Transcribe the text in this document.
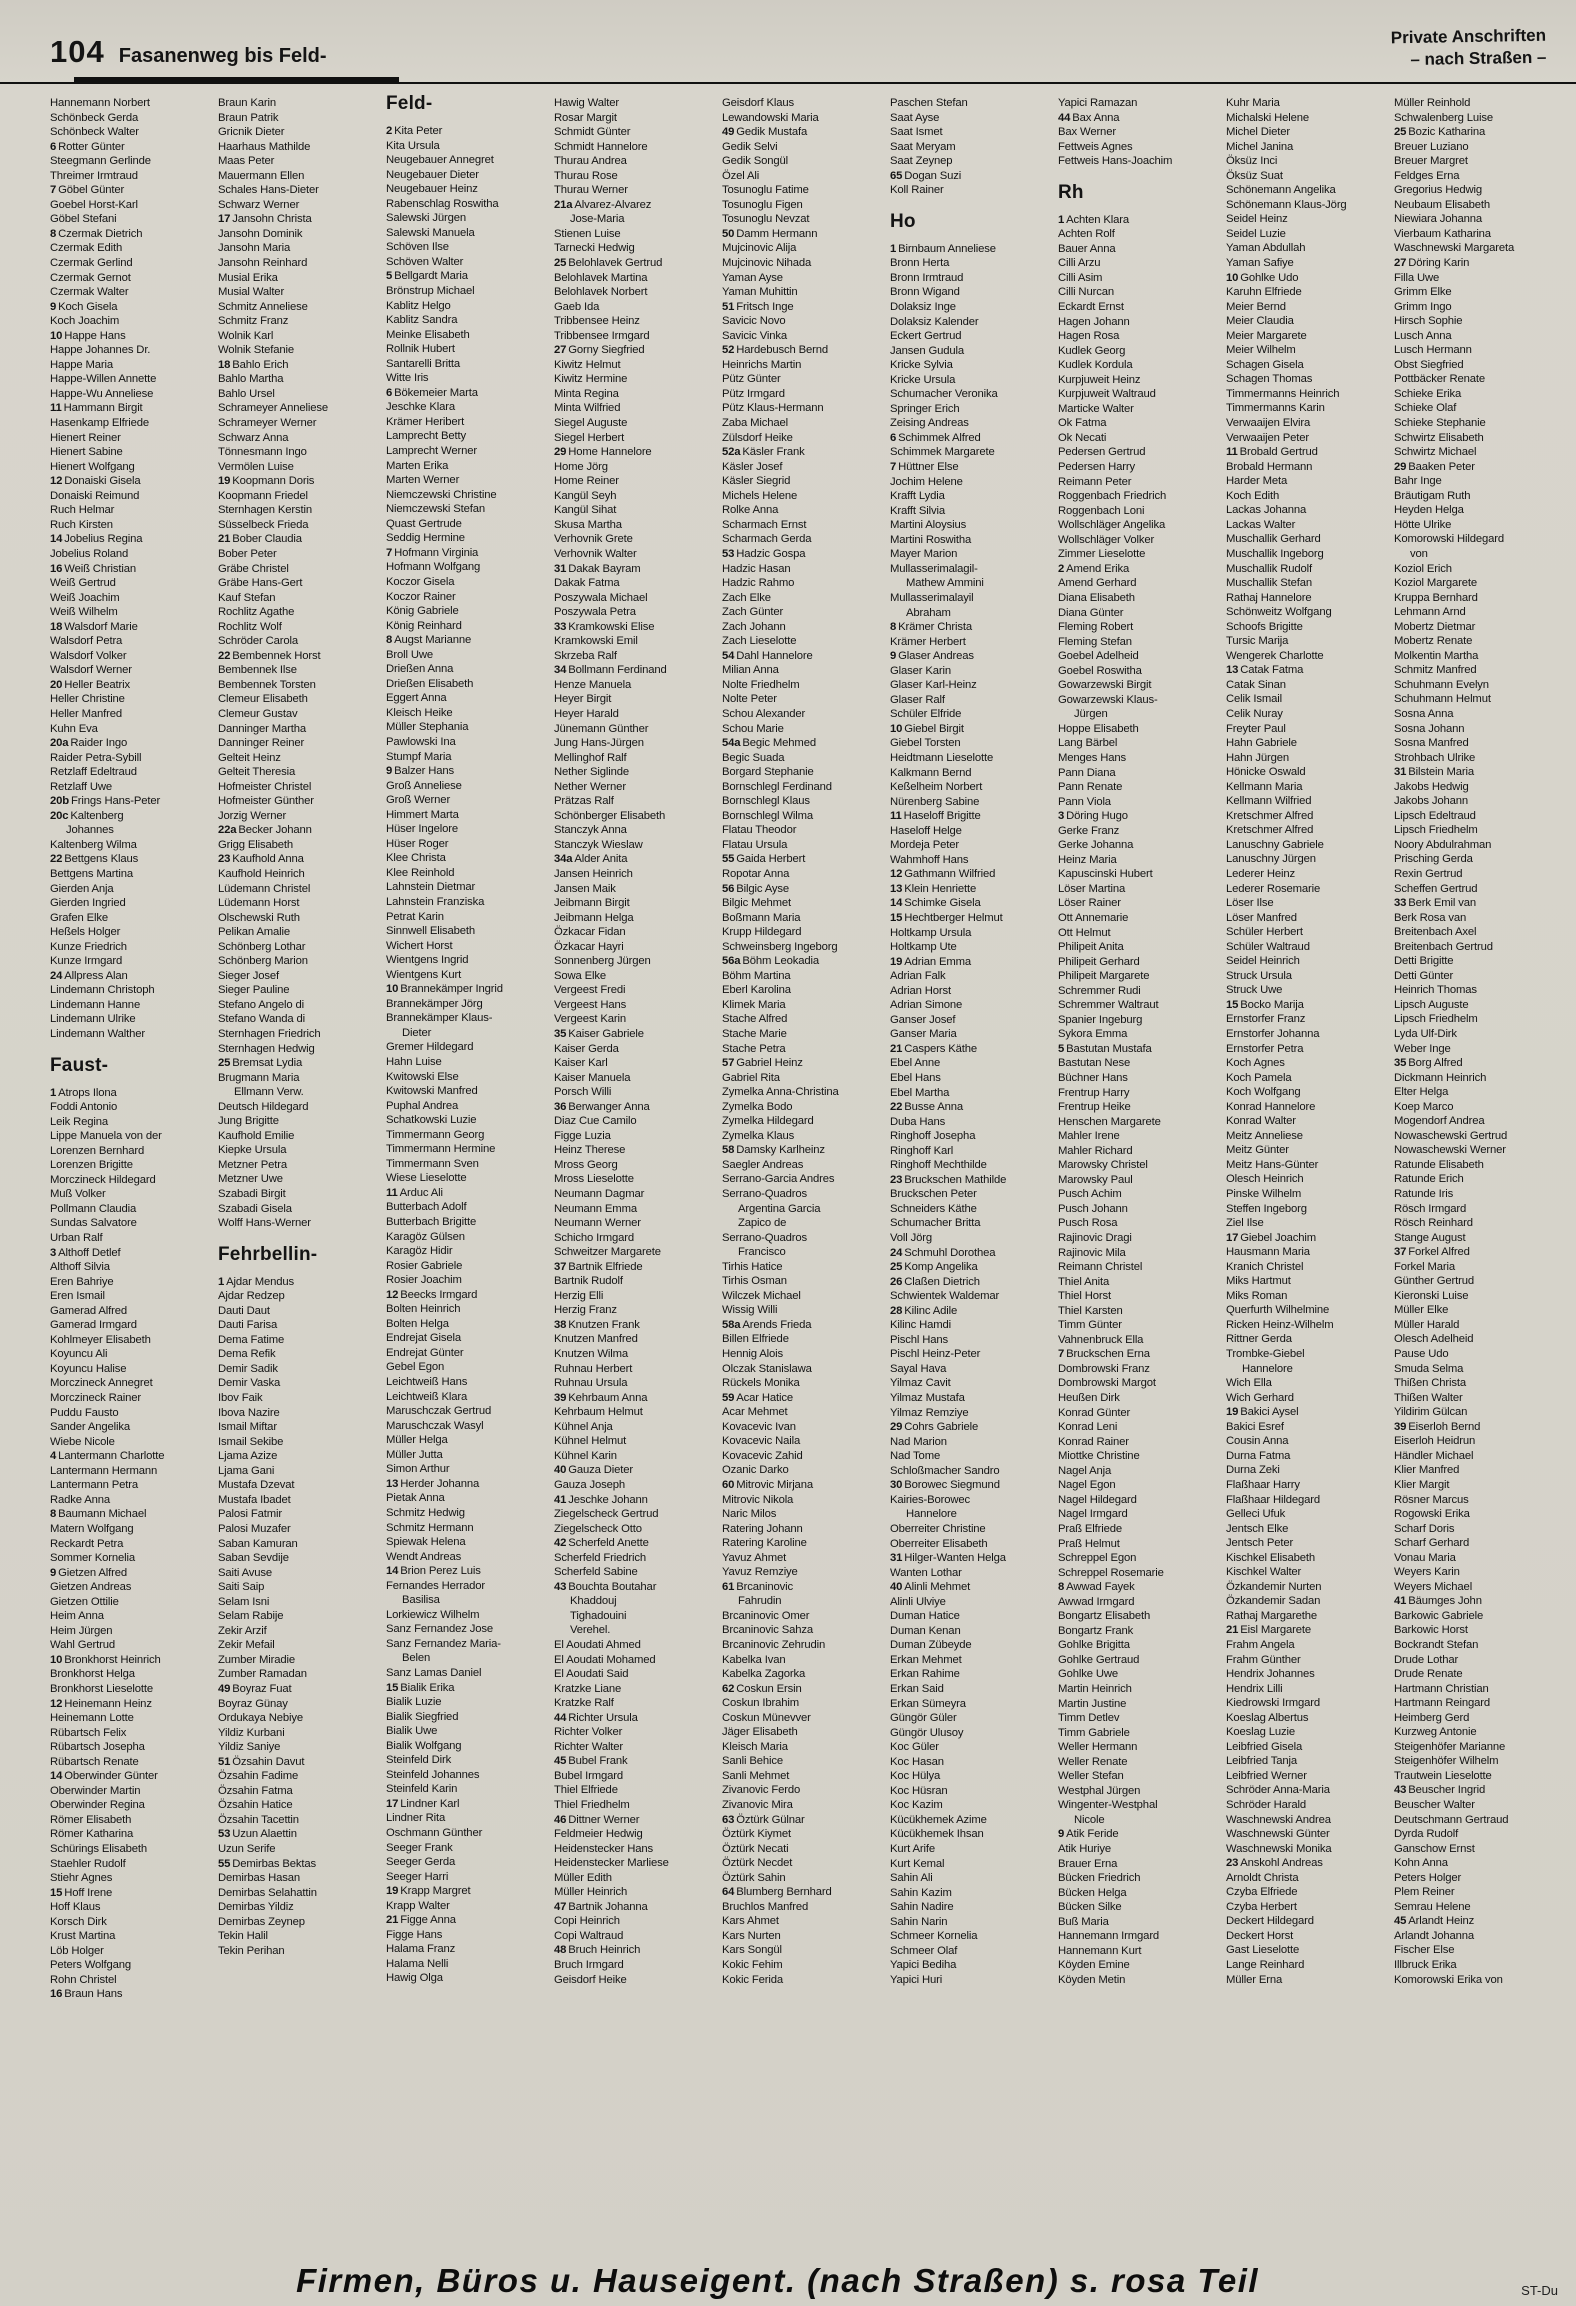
104 Fasanenweg bis Feld-
Private Anschriften
– nach Straßen –
Hannemann Norbert
Schönbeck Gerda
Schönbeck Walter
6 Rotter Günter
Steegmann Gerlinde
Threimer Irmtraud
7 Göbel Günter
Goebel Horst-Karl
Göbel Stefani
8 Czermak Dietrich
Czermak Edith
Czermak Gerlind
Czermak Gernot
Czermak Walter
9 Koch Gisela
Koch Joachim
10 Happe Hans
Happe Johannes Dr.
Happe Maria
Happe-Willen Annette
Happe-Wu Anneliese
11 Hammann Birgit
Hasenkamp Elfriede
Hienert Reiner
Hienert Sabine
Hienert Wolfgang
12 Donaiski Gisela
Donaiski Reimund
Ruch Helmar
Ruch Kirsten
14 Jobelius Regina
Jobelius Roland
16 Weiß Christian
Weiß Gertrud
Weiß Joachim
Weiß Wilhelm
18 Walsdorf Marie
Walsdorf Petra
Walsdorf Volker
Walsdorf Werner
20 Heller Beatrix
Heller Christine
Heller Manfred
Kuhn Eva
20a Raider Ingo
Raider Petra-Sybill
Retzlaff Edeltraud
Retzlaff Uwe
20b Frings Hans-Peter
20c Kaltenberg
Johannes
Kaltenberg Wilma
22 Bettgens Klaus
Bettgens Martina
Gierden Anja
Gierden Ingried
Grafen Elke
Heßels Holger
Kunze Friedrich
Kunze Irmgard
24 Allpress Alan
Lindemann Christoph
Lindemann Hanne
Lindemann Ulrike
Lindemann Walther
Faust-
1 Atrops Ilona
Foddi Antonio
Leik Regina
Lippe Manuela von der
Lorenzen Bernhard
Lorenzen Brigitte
Morczineck Hildegard
Muß Volker
Pollmann Claudia
Sundas Salvatore
Urban Ralf
3 Althoff Detlef
Althoff Silvia
Eren Bahriye
Eren Ismail
Gamerad Alfred
Gamerad Irmgard
Kohlmeyer Elisabeth
Koyuncu Ali
Koyuncu Halise
Morczineck Annegret
Morczineck Rainer
Puddu Fausto
Sander Angelika
Wiebe Nicole
4 Lantermann Charlotte
Lantermann Hermann
Lantermann Petra
Radke Anna
8 Baumann Michael
Matern Wolfgang
Reckardt Petra
Sommer Kornelia
9 Gietzen Alfred
Gietzen Andreas
Gietzen Ottilie
Heim Anna
Heim Jürgen
Wahl Gertrud
10 Bronkhorst Heinrich
Bronkhorst Helga
Bronkhorst Lieselotte
12 Heinemann Heinz
Heinemann Lotte
Rübartsch Felix
Rübartsch Josepha
Rübartsch Renate
14 Oberwinder Günter
Oberwinder Martin
Oberwinder Regina
Römer Elisabeth
Römer Katharina
Schürings Elisabeth
Staehler Rudolf
Stiehr Agnes
15 Hoff Irene
Hoff Klaus
Korsch Dirk
Krust Martina
Löb Holger
Peters Wolfgang
Rohn Christel
16 Braun Hans
Braun Karin
Braun Patrik
Gricnik Dieter
Haarhaus Mathilde
Maas Peter
Mauermann Ellen
Schales Hans-Dieter
Schwarz Werner
17 Jansohn Christa
Jansohn Dominik
Jansohn Maria
Jansohn Reinhard
Musial Erika
Musial Walter
Schmitz Anneliese
Schmitz Franz
Wolnik Karl
Wolnik Stefanie
18 Bahlo Erich
Bahlo Martha
Bahlo Ursel
Schrameyer Anneliese
Schrameyer Werner
Schwarz Anna
Tönnesmann Ingo
Vermölen Luise
19 Koopmann Doris
Koopmann Friedel
Sternhagen Kerstin
Süsselbeck Frieda
21 Bober Claudia
Bober Peter
Gräbe Christel
Gräbe Hans-Gert
Kauf Stefan
Rochlitz Agathe
Rochlitz Wolf
Schröder Carola
22 Bembennek Horst
Bembennek Ilse
Bembennek Torsten
Clemeur Elisabeth
Clemeur Gustav
Danninger Martha
Danninger Reiner
Gelteit Heinz
Gelteit Theresia
Hofmeister Christel
Hofmeister Günther
Jorzig Werner
22a Becker Johann
Grigg Elisabeth
23 Kaufhold Anna
Kaufhold Heinrich
Lüdemann Christel
Lüdemann Horst
Olschewski Ruth
Pelikan Amalie
Schönberg Lothar
Schönberg Marion
Sieger Josef
Sieger Pauline
Stefano Angelo di
Stefano Wanda di
Sternhagen Friedrich
Sternhagen Hedwig
25 Bremsat Lydia
Brugmann Maria
Ellmann Verw.
Deutsch Hildegard
Jung Brigitte
Kaufhold Emilie
Kiepke Ursula
Metzner Petra
Metzner Uwe
Szabadi Birgit
Szabadi Gisela
Wolff Hans-Werner
Fehrbellin-
1 Ajdar Mendus
Ajdar Redzep
Dauti Daut
Dauti Farisa
Dema Fatime
Dema Refik
Demir Sadik
Demir Vaska
Ibov Faik
Ibova Nazire
Ismail Miftar
Ismail Sekibe
Ljama Azize
Ljama Gani
Mustafa Dzevat
Mustafa Ibadet
Palosi Fatmir
Palosi Muzafer
Saban Kamuran
Saban Sevdije
Saiti Avuse
Saiti Saip
Selam Isni
Selam Rabije
Zekir Arzif
Zekir Mefail
Zumber Miradie
Zumber Ramadan
49 Boyraz Fuat
Boyraz Günay
Ordukaya Nebiye
Yildiz Kurbani
Yildiz Saniye
51 Özsahin Davut
Özsahin Fadime
Özsahin Fatma
Özsahin Hatice
Özsahin Tacettin
53 Uzun Alaettin
Uzun Serife
55 Demirbas Bektas
Demirbas Hasan
Demirbas Selahattin
Demirbas Yildiz
Demirbas Zeynep
Tekin Halil
Tekin Perihan
Feld-
2 Kita Peter
Kita Ursula
Neugebauer Annegret
Neugebauer Dieter
Neugebauer Heinz
Rabenschlag Roswitha
Salewski Jürgen
Salewski Manuela
Schöven Ilse
Schöven Walter
5 Bellgardt Maria
Brönstrup Michael
Kablitz Helgo
Kablitz Sandra
Meinke Elisabeth
Rollnik Hubert
Santarelli Britta
Witte Iris
6 Bökemeier Marta
Jeschke Klara
Krämer Heribert
Lamprecht Betty
Lamprecht Werner
Marten Erika
Marten Werner
Niemczewski Christine
Niemczewski Stefan
Quast Gertrude
Seddig Hermine
7 Hofmann Virginia
Hofmann Wolfgang
Koczor Gisela
Koczor Rainer
König Gabriele
König Reinhard
8 Augst Marianne
Broll Uwe
Drießen Anna
Drießen Elisabeth
Eggert Anna
Kleisch Heike
Müller Stephania
Pawlowski Ina
Stumpf Maria
9 Balzer Hans
Groß Anneliese
Groß Werner
Himmert Marta
Hüser Ingelore
Hüser Roger
Klee Christa
Klee Reinhold
Lahnstein Dietmar
Lahnstein Franziska
Petrat Karin
Sinnwell Elisabeth
Wichert Horst
Wientgens Ingrid
Wientgens Kurt
10 Brannekämper Ingrid
Brannekämper Jörg
Brannekämper Klaus-
Dieter
Gremer Hildegard
Hahn Luise
Kwitowski Else
Kwitowski Manfred
Puphal Andrea
Schatkowski Luzie
Timmermann Georg
Timmermann Hermine
Timmermann Sven
Wiese Lieselotte
11 Arduc Ali
Butterbach Adolf
Butterbach Brigitte
Karagöz Gülsen
Karagöz Hidir
Rosier Gabriele
Rosier Joachim
12 Beecks Irmgard
Bolten Heinrich
Bolten Helga
Endrejat Gisela
Endrejat Günter
Gebel Egon
Leichtweiß Hans
Leichtweiß Klara
Maruschczak Gertrud
Maruschczak Wasyl
Müller Helga
Müller Jutta
Simon Arthur
13 Herder Johanna
Pietak Anna
Schmitz Hedwig
Schmitz Hermann
Spiewak Helena
Wendt Andreas
14 Brion Perez Luis
Fernandes Herrador
Basilisa
Lorkiewicz Wilhelm
Sanz Fernandez Jose
Sanz Fernandez Maria-
Belen
Sanz Lamas Daniel
15 Bialik Erika
Bialik Luzie
Bialik Siegfried
Bialik Uwe
Bialik Wolfgang
Steinfeld Dirk
Steinfeld Johannes
Steinfeld Karin
17 Lindner Karl
Lindner Rita
Oschmann Günther
Seeger Frank
Seeger Gerda
Seeger Harri
19 Krapp Margret
Krapp Walter
21 Figge Anna
Figge Hans
Halama Franz
Halama Nelli
Hawig Olga
Hawig Walter
Rosar Margit
Schmidt Günter
Schmidt Hannelore
Thurau Andrea
Thurau Rose
Thurau Werner
21a Alvarez-Alvarez
Jose-Maria
Stienen Luise
Tarnecki Hedwig
25 Belohlavek Gertrud
Belohlavek Martina
Belohlavek Norbert
Gaeb Ida
Tribbensee Heinz
Tribbensee Irmgard
27 Gorny Siegfried
Kiwitz Helmut
Kiwitz Hermine
Minta Regina
Minta Wilfried
Siegel Auguste
Siegel Herbert
29 Home Hannelore
Home Jörg
Home Reiner
Kangül Seyh
Kangül Sihat
Skusa Martha
Verhovnik Grete
Verhovnik Walter
31 Dakak Bayram
Dakak Fatma
Poszywala Michael
Poszywala Petra
33 Kramkowski Elise
Kramkowski Emil
Skrzeba Ralf
34 Bollmann Ferdinand
Henze Manuela
Heyer Birgit
Heyer Harald
Jünemann Günther
Jung Hans-Jürgen
Mellinghof Ralf
Nether Siglinde
Nether Werner
Prätzas Ralf
Schönberger Elisabeth
Stanczyk Anna
Stanczyk Wieslaw
34a Alder Anita
Jansen Heinrich
Jansen Maik
Jeibmann Birgit
Jeibmann Helga
Özkacar Fidan
Özkacar Hayri
Sonnenberg Jürgen
Sowa Elke
Vergeest Fredi
Vergeest Hans
Vergeest Karin
35 Kaiser Gabriele
Kaiser Gerda
Kaiser Karl
Kaiser Manuela
Porsch Willi
36 Berwanger Anna
Diaz Cue Camilo
Figge Luzia
Heinz Therese
Mross Georg
Mross Lieselotte
Neumann Dagmar
Neumann Emma
Neumann Werner
Schicho Irmgard
Schweitzer Margarete
37 Bartnik Elfriede
Bartnik Rudolf
Herzig Elli
Herzig Franz
38 Knutzen Frank
Knutzen Manfred
Knutzen Wilma
Ruhnau Herbert
Ruhnau Ursula
39 Kehrbaum Anna
Kehrbaum Helmut
Kühnel Anja
Kühnel Helmut
Kühnel Karin
40 Gauza Dieter
Gauza Joseph
41 Jeschke Johann
Ziegelscheck Gertrud
Ziegelscheck Otto
42 Scherfeld Anette
Scherfeld Friedrich
Scherfeld Sabine
43 Bouchta Boutahar
Khaddouj
Tighadouini
Verehel.
El Aoudati Ahmed
El Aoudati Mohamed
El Aoudati Said
Kratzke Liane
Kratzke Ralf
44 Richter Ursula
Richter Volker
Richter Walter
45 Bubel Frank
Bubel Irmgard
Thiel Elfriede
Thiel Friedhelm
46 Dittner Werner
Feldmeier Hedwig
Heidenstecker Hans
Heidenstecker Marliese
Müller Edith
Müller Heinrich
47 Bartnik Johanna
Copi Heinrich
Copi Waltraud
48 Bruch Heinrich
Bruch Irmgard
Geisdorf Heike
Geisdorf Klaus
Lewandowski Maria
49 Gedik Mustafa
Gedik Selvi
Gedik Songül
Özel Ali
Tosunoglu Fatime
Tosunoglu Figen
Tosunoglu Nevzat
50 Damm Hermann
Mujcinovic Alija
Mujcinovic Nihada
Yaman Ayse
Yaman Muhittin
51 Fritsch Inge
Savicic Novo
Savicic Vinka
52 Hardebusch Bernd
Heinrichs Martin
Pütz Günter
Pütz Irmgard
Pütz Klaus-Hermann
Zaba Michael
Zülsdorf Heike
52a Käsler Frank
Käsler Josef
Käsler Siegrid
Michels Helene
Rolke Anna
Scharmach Ernst
Scharmach Gerda
53 Hadzic Gospa
Hadzic Hasan
Hadzic Rahmo
Zach Elke
Zach Günter
Zach Johann
Zach Lieselotte
54 Dahl Hannelore
Milian Anna
Nolte Friedhelm
Nolte Peter
Schou Alexander
Schou Marie
54a Begic Mehmed
Begic Suada
Borgard Stephanie
Bornschlegl Ferdinand
Bornschlegl Klaus
Bornschlegl Wilma
Flatau Theodor
Flatau Ursula
55 Gaida Herbert
Ropotar Anna
56 Bilgic Ayse
Bilgic Mehmet
Boßmann Maria
Krupp Hildegard
Schweinsberg Ingeborg
56a Böhm Leokadia
Böhm Martina
Eberl Karolina
Klimek Maria
Stache Alfred
Stache Marie
Stache Petra
57 Gabriel Heinz
Gabriel Rita
Zymelka Anna-Christina
Zymelka Bodo
Zymelka Hildegard
Zymelka Klaus
58 Damsky Karlheinz
Saegler Andreas
Serrano-Garcia Andres
Serrano-Quadros
Argentina Garcia
Zapico de
Serrano-Quadros
Francisco
Tirhis Hatice
Tirhis Osman
Wilczek Michael
Wissig Willi
58a Arends Frieda
Billen Elfriede
Hennig Alois
Olczak Stanislawa
Rückels Monika
59 Acar Hatice
Acar Mehmet
Kovacevic Ivan
Kovacevic Naila
Kovacevic Zahid
Ozanic Darko
60 Mitrovic Mirjana
Mitrovic Nikola
Naric Milos
Ratering Johann
Ratering Karoline
Yavuz Ahmet
Yavuz Remziye
61 Brcaninovic
Fahrudin
Brcaninovic Omer
Brcaninovic Sahza
Brcaninovic Zehrudin
Kabelka Ivan
Kabelka Zagorka
62 Coskun Ersin
Coskun Ibrahim
Coskun Münevver
Jäger Elisabeth
Kleisch Maria
Sanli Behice
Sanli Mehmet
Zivanovic Ferdo
Zivanovic Mira
63 Öztürk Gülnar
Öztürk Kiymet
Öztürk Necati
Öztürk Necdet
Öztürk Sahin
64 Blumberg Bernhard
Bruchlos Manfred
Kars Ahmet
Kars Nurten
Kars Songül
Kokic Fehim
Kokic Ferida
Paschen Stefan
Saat Ayse
Saat Ismet
Saat Meryam
Saat Zeynep
65 Dogan Suzi
Koll Rainer
Ho
1 Birnbaum Anneliese
Bronn Herta
Bronn Irmtraud
Bronn Wigand
Dolaksiz Inge
Dolaksiz Kalender
Eckert Gertrud
Jansen Gudula
Kricke Sylvia
Kricke Ursula
Schumacher Veronika
Springer Erich
Zeising Andreas
6 Schimmek Alfred
Schimmek Margarete
7 Hüttner Else
Jochim Helene
Krafft Lydia
Krafft Silvia
Martini Aloysius
Martini Roswitha
Mayer Marion
Mullasserimalagil-
Mathew Ammini
Mullasserimalayil
Abraham
8 Krämer Christa
Krämer Herbert
9 Glaser Andreas
Glaser Karin
Glaser Karl-Heinz
Glaser Ralf
Schüler Elfride
10 Giebel Birgit
Giebel Torsten
Heidtmann Lieselotte
Kalkmann Bernd
Keßelheim Norbert
Nürenberg Sabine
11 Haseloff Brigitte
Haseloff Helge
Mordeja Peter
Wahmhoff Hans
12 Gathmann Wilfried
13 Klein Henriette
14 Schimke Gisela
15 Hechtberger Helmut
Holtkamp Ursula
Holtkamp Ute
19 Adrian Emma
Adrian Falk
Adrian Horst
Adrian Simone
Ganser Josef
Ganser Maria
21 Caspers Käthe
Ebel Anne
Ebel Hans
Ebel Martha
22 Busse Anna
Duba Hans
Ringhoff Josepha
Ringhoff Karl
Ringhoff Mechthilde
23 Bruckschen Mathilde
Bruckschen Peter
Schneiders Käthe
Schumacher Britta
Voll Jörg
24 Schmuhl Dorothea
25 Komp Angelika
26 Claßen Dietrich
Schwientek Waldemar
28 Kilinc Adile
Kilinc Hamdi
Pischl Hans
Pischl Heinz-Peter
Sayal Hava
Yilmaz Cavit
Yilmaz Mustafa
Yilmaz Remziye
29 Cohrs Gabriele
Nad Marion
Nad Tome
Schloßmacher Sandro
30 Borowec Siegmund
Kairies-Borowec
Hannelore
Oberreiter Christine
Oberreiter Elisabeth
31 Hilger-Wanten Helga
Wanten Lothar
40 Alinli Mehmet
Alinli Ulviye
Duman Hatice
Duman Kenan
Duman Zübeyde
Erkan Mehmet
Erkan Rahime
Erkan Said
Erkan Sümeyra
Güngör Güler
Güngör Ulusoy
Koc Güler
Koc Hasan
Koc Hülya
Koc Hüsran
Koc Kazim
Kücükhemek Azime
Kücükhemek Ihsan
Kurt Arife
Kurt Kemal
Sahin Ali
Sahin Kazim
Sahin Nadire
Sahin Narin
Schmeer Kornelia
Schmeer Olaf
Yapici Bediha
Yapici Huri
Yapici Ramazan
44 Bax Anna
Bax Werner
Fettweis Agnes
Fettweis Hans-Joachim
Rh
1 Achten Klara
Achten Rolf
Bauer Anna
Cilli Arzu
Cilli Asim
Cilli Nurcan
Eckardt Ernst
Hagen Johann
Hagen Rosa
Kudlek Georg
Kudlek Kordula
Kurpjuweit Heinz
Kurpjuweit Waltraud
Marticke Walter
Ok Fatma
Ok Necati
Pedersen Gertrud
Pedersen Harry
Reimann Peter
Roggenbach Friedrich
Roggenbach Loni
Wollschläger Angelika
Wollschläger Volker
Zimmer Lieselotte
2 Amend Erika
Amend Gerhard
Diana Elisabeth
Diana Günter
Fleming Robert
Fleming Stefan
Goebel Adelheid
Goebel Roswitha
Gowarzewski Birgit
Gowarzewski Klaus-
Jürgen
Hoppe Elisabeth
Lang Bärbel
Menges Hans
Pann Diana
Pann Renate
Pann Viola
3 Döring Hugo
Gerke Franz
Gerke Johanna
Heinz Maria
Kapuscinski Hubert
Löser Martina
Löser Rainer
Ott Annemarie
Ott Helmut
Philipeit Anita
Philipeit Gerhard
Philipeit Margarete
Schremmer Rudi
Schremmer Waltraut
Spanier Ingeburg
Sykora Emma
5 Bastutan Mustafa
Bastutan Nese
Büchner Hans
Frentrup Harry
Frentrup Heike
Henschen Margarete
Mahler Irene
Mahler Richard
Marowsky Christel
Marowsky Paul
Pusch Achim
Pusch Johann
Pusch Rosa
Rajinovic Dragi
Rajinovic Mila
Reimann Christel
Thiel Anita
Thiel Horst
Thiel Karsten
Timm Günter
Vahnenbruck Ella
7 Bruckschen Erna
Dombrowski Franz
Dombrowski Margot
Heußen Dirk
Konrad Günter
Konrad Leni
Konrad Rainer
Miottke Christine
Nagel Anja
Nagel Egon
Nagel Hildegard
Nagel Irmgard
Praß Elfriede
Praß Helmut
Schreppel Egon
Schreppel Rosemarie
8 Awwad Fayek
Awwad Irmgard
Bongartz Elisabeth
Bongartz Frank
Gohlke Brigitta
Gohlke Gertraud
Gohlke Uwe
Martin Heinrich
Martin Justine
Timm Detlev
Timm Gabriele
Weller Hermann
Weller Renate
Weller Stefan
Westphal Jürgen
Wingenter-Westphal
Nicole
9 Atik Feride
Atik Huriye
Brauer Erna
Bücken Friedrich
Bücken Helga
Bücken Silke
Buß Maria
Hannemann Irmgard
Hannemann Kurt
Köyden Emine
Köyden Metin
Kuhr Maria
Michalski Helene
Michel Dieter
Michel Janina
Öksüz Inci
Öksüz Suat
Schönemann Angelika
Schönemann Klaus-Jörg
Seidel Heinz
Seidel Luzie
Yaman Abdullah
Yaman Safiye
10 Gohlke Udo
Karuhn Elfriede
Meier Bernd
Meier Claudia
Meier Margarete
Meier Wilhelm
Schagen Gisela
Schagen Thomas
Timmermanns Heinrich
Timmermanns Karin
Verwaaijen Elvira
Verwaaijen Peter
11 Brobald Gertrud
Brobald Hermann
Harder Meta
Koch Edith
Lackas Johanna
Lackas Walter
Muschallik Gerhard
Muschallik Ingeborg
Muschallik Rudolf
Muschallik Stefan
Rathaj Hannelore
Schönweitz Wolfgang
Schoofs Brigitte
Tursic Marija
Wengerek Charlotte
13 Catak Fatma
Catak Sinan
Celik Ismail
Celik Nuray
Freyter Paul
Hahn Gabriele
Hahn Jürgen
Hönicke Oswald
Kellmann Maria
Kellmann Wilfried
Kretschmer Alfred
Kretschmer Alfred
Lanuschny Gabriele
Lanuschny Jürgen
Lederer Heinz
Lederer Rosemarie
Löser Ilse
Löser Manfred
Schüler Herbert
Schüler Waltraud
Seidel Heinrich
Struck Ursula
Struck Uwe
15 Bocko Marija
Ernstorfer Franz
Ernstorfer Johanna
Ernstorfer Petra
Koch Agnes
Koch Pamela
Koch Wolfgang
Konrad Hannelore
Konrad Walter
Meitz Anneliese
Meitz Günter
Meitz Hans-Günter
Olesch Heinrich
Pinske Wilhelm
Steffen Ingeborg
Ziel Ilse
17 Giebel Joachim
Hausmann Maria
Kranich Christel
Miks Hartmut
Miks Roman
Querfurth Wilhelmine
Ricken Heinz-Wilhelm
Rittner Gerda
Trombke-Giebel
Hannelore
Wich Ella
Wich Gerhard
19 Bakici Aysel
Bakici Esref
Cousin Anna
Durna Fatma
Durna Zeki
Flaßhaar Harry
Flaßhaar Hildegard
Gelleci Ufuk
Jentsch Elke
Jentsch Peter
Kischkel Elisabeth
Kischkel Walter
Özkandemir Nurten
Özkandemir Sadan
Rathaj Margarethe
21 Eisl Margarete
Frahm Angela
Frahm Günther
Hendrix Johannes
Hendrix Lilli
Kiedrowski Irmgard
Koeslag Albertus
Koeslag Luzie
Leibfried Gisela
Leibfried Tanja
Leibfried Werner
Schröder Anna-Maria
Schröder Harald
Waschnewski Andrea
Waschnewski Günter
Waschnewski Monika
23 Anskohl Andreas
Arnoldt Christa
Czyba Elfriede
Czyba Herbert
Deckert Hildegard
Deckert Horst
Gast Lieselotte
Lange Reinhard
Müller Erna
Müller Reinhold
Schwalenberg Luise
25 Bozic Katharina
Breuer Luziano
Breuer Margret
Feldges Erna
Gregorius Hedwig
Neubaum Elisabeth
Niewiara Johanna
Vierbaum Katharina
Waschnewski Margareta
27 Döring Karin
Filla Uwe
Grimm Elke
Grimm Ingo
Hirsch Sophie
Lusch Anna
Lusch Hermann
Obst Siegfried
Pottbäcker Renate
Schieke Erika
Schieke Olaf
Schieke Stephanie
Schwirtz Elisabeth
Schwirtz Michael
29 Baaken Peter
Bahr Inge
Bräutigam Ruth
Heyden Helga
Hötte Ulrike
Komorowski Hildegard
von
Koziol Erich
Koziol Margarete
Kruppa Bernhard
Lehmann Arnd
Mobertz Dietmar
Mobertz Renate
Molkentin Martha
Schmitz Manfred
Schuhmann Evelyn
Schuhmann Helmut
Sosna Anna
Sosna Johann
Sosna Manfred
Strohbach Ulrike
31 Bilstein Maria
Jakobs Hedwig
Jakobs Johann
Lipsch Edeltraud
Lipsch Friedhelm
Noory Abdulrahman
Prisching Gerda
Rexin Gertrud
Scheffen Gertrud
33 Berk Emil van
Berk Rosa van
Breitenbach Axel
Breitenbach Gertrud
Detti Brigitte
Detti Günter
Heinrich Thomas
Lipsch Auguste
Lipsch Friedhelm
Lyda Ulf-Dirk
Weber Inge
35 Borg Alfred
Dickmann Heinrich
Elter Helga
Koep Marco
Mogendorf Andrea
Nowaschewski Gertrud
Nowaschewski Werner
Ratunde Elisabeth
Ratunde Erich
Ratunde Iris
Rösch Irmgard
Rösch Reinhard
Stange August
37 Forkel Alfred
Forkel Maria
Günther Gertrud
Kieronski Luise
Müller Elke
Müller Harald
Olesch Adelheid
Pause Udo
Smuda Selma
Thißen Christa
Thißen Walter
Yildirim Gülcan
39 Eiserloh Bernd
Eiserloh Heidrun
Händler Michael
Klier Manfred
Klier Margit
Rösner Marcus
Rogowski Erika
Scharf Doris
Scharf Gerhard
Vonau Maria
Weyers Karin
Weyers Michael
41 Bäumges John
Barkowic Gabriele
Barkowic Horst
Bockrandt Stefan
Drude Lothar
Drude Renate
Hartmann Christian
Hartmann Reingard
Heimberg Gerd
Kurzweg Antonie
Steigenhöfer Marianne
Steigenhöfer Wilhelm
Trautwein Lieselotte
43 Beuscher Ingrid
Beuscher Walter
Deutschmann Gertraud
Dyrda Rudolf
Ganschow Ernst
Kohn Anna
Peters Holger
Plem Reiner
Semrau Helene
45 Arlandt Heinz
Arlandt Johanna
Fischer Else
Illbruck Erika
Komorowski Erika von
Firmen, Büros u. Hauseigent. (nach Straßen) s. rosa Teil	ST-Du
